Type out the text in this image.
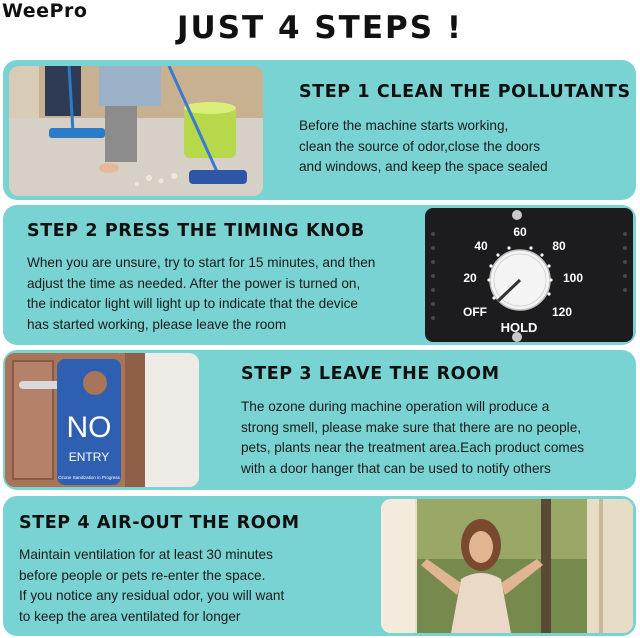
WeePro	JUST 4 STEPS !
STEP 1 CLEAN THE POLLUTANTS

Before the machine starts working,
clean the source of odor,close the doors
and windows, and keep the space sealed

STEP 2 PRESS THE TIMING KNOB

When you are unsure, try to start for 15 minutes, and then
adjust the time as needed. After the power is turned on,
the indicator light will light up to indicate that the device
has started working, please leave the room

OFF
20
40
60
80
100
120
HOLD
NO
ENTRY
Ozone Sanitization in Progress
STEP 3 LEAVE THE ROOM

The ozone during machine operation will produce a
strong smell, please make sure that there are no people,
pets, plants near the treatment area.Each product comes
with a door hanger that can be used to notify others

STEP 4 AIR-OUT THE ROOM

Maintain ventilation for at least 30 minutes
before people or pets re-enter the space.
If you notice any residual odor, you will want
to keep the area ventilated for longer
